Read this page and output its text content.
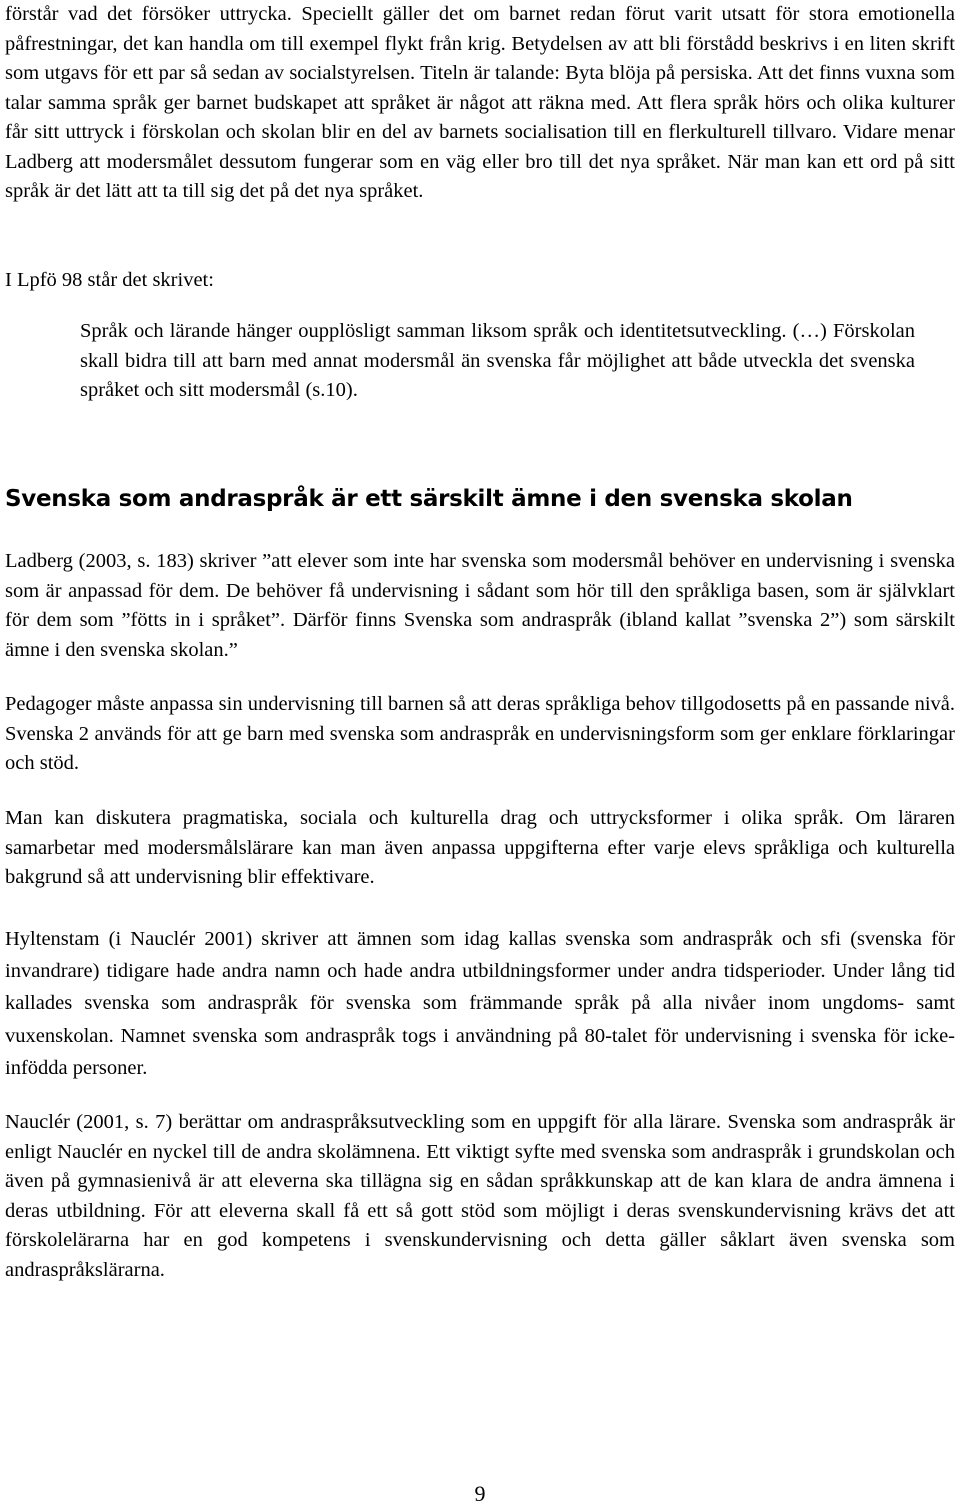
förstår vad det försöker uttrycka. Speciellt gäller det om barnet redan förut varit utsatt för stora emotionella påfrestningar, det kan handla om till exempel flykt från krig. Betydelsen av att bli förstådd beskrivs i en liten skrift som utgavs för ett par så sedan av socialstyrelsen. Titeln är talande: Byta blöja på persiska. Att det finns vuxna som talar samma språk ger barnet budskapet att språket är något att räkna med. Att flera språk hörs och olika kulturer får sitt uttryck i förskolan och skolan blir en del av barnets socialisation till en flerkulturell tillvaro. Vidare menar Ladberg att modersmålet dessutom fungerar som en väg eller bro till det nya språket. När man kan ett ord på sitt språk är det lätt att ta till sig det på det nya språket.

I Lpfö 98 står det skrivet:

Språk och lärande hänger oupplösligt samman liksom språk och identitetsutveckling. (…) Förskolan skall bidra till att barn med annat modersmål än svenska får möjlighet att både utveckla det svenska språket och sitt modersmål (s.10).

Svenska som andraspråk är ett särskilt ämne i den svenska skolan

Ladberg (2003, s. 183) skriver ”att elever som inte har svenska som modersmål behöver en undervisning i svenska som är anpassad för dem. De behöver få undervisning i sådant som hör till den språkliga basen, som är självklart för dem som ”fötts in i språket”. Därför finns Svenska som andraspråk (ibland kallat ”svenska 2”) som särskilt ämne i den svenska skolan.”

Pedagoger måste anpassa sin undervisning till barnen så att deras språkliga behov tillgodosetts på en passande nivå. Svenska 2 används för att ge barn med svenska som andraspråk en undervisningsform som ger enklare förklaringar och stöd.

Man kan diskutera pragmatiska, sociala och kulturella drag och uttrycksformer i olika språk. Om läraren samarbetar med modersmålslärare kan man även anpassa uppgifterna efter varje elevs språkliga och kulturella bakgrund så att undervisning blir effektivare.

Hyltenstam (i Nauclér 2001) skriver att ämnen som idag kallas svenska som andraspråk och sfi (svenska för invandrare) tidigare hade andra namn och hade andra utbildningsformer under andra tidsperioder. Under lång tid kallades svenska som andraspråk för svenska som främmande språk på alla nivåer inom ungdoms- samt vuxenskolan. Namnet svenska som andraspråk togs i användning på 80-talet för undervisning i svenska för icke-infödda personer.

Nauclér (2001, s. 7) berättar om andraspråksutveckling som en uppgift för alla lärare. Svenska som andraspråk är enligt Nauclér en nyckel till de andra skolämnena. Ett viktigt syfte med svenska som andraspråk i grundskolan och även på gymnasienivå är att eleverna ska tillägna sig en sådan språkkunskap att de kan klara de andra ämnena i deras utbildning. För att eleverna skall få ett så gott stöd som möjligt i deras svenskundervisning krävs det att förskolelärarna har en god kompetens i svenskundervisning och detta gäller såklart även svenska som andraspråkslärarna.

9
